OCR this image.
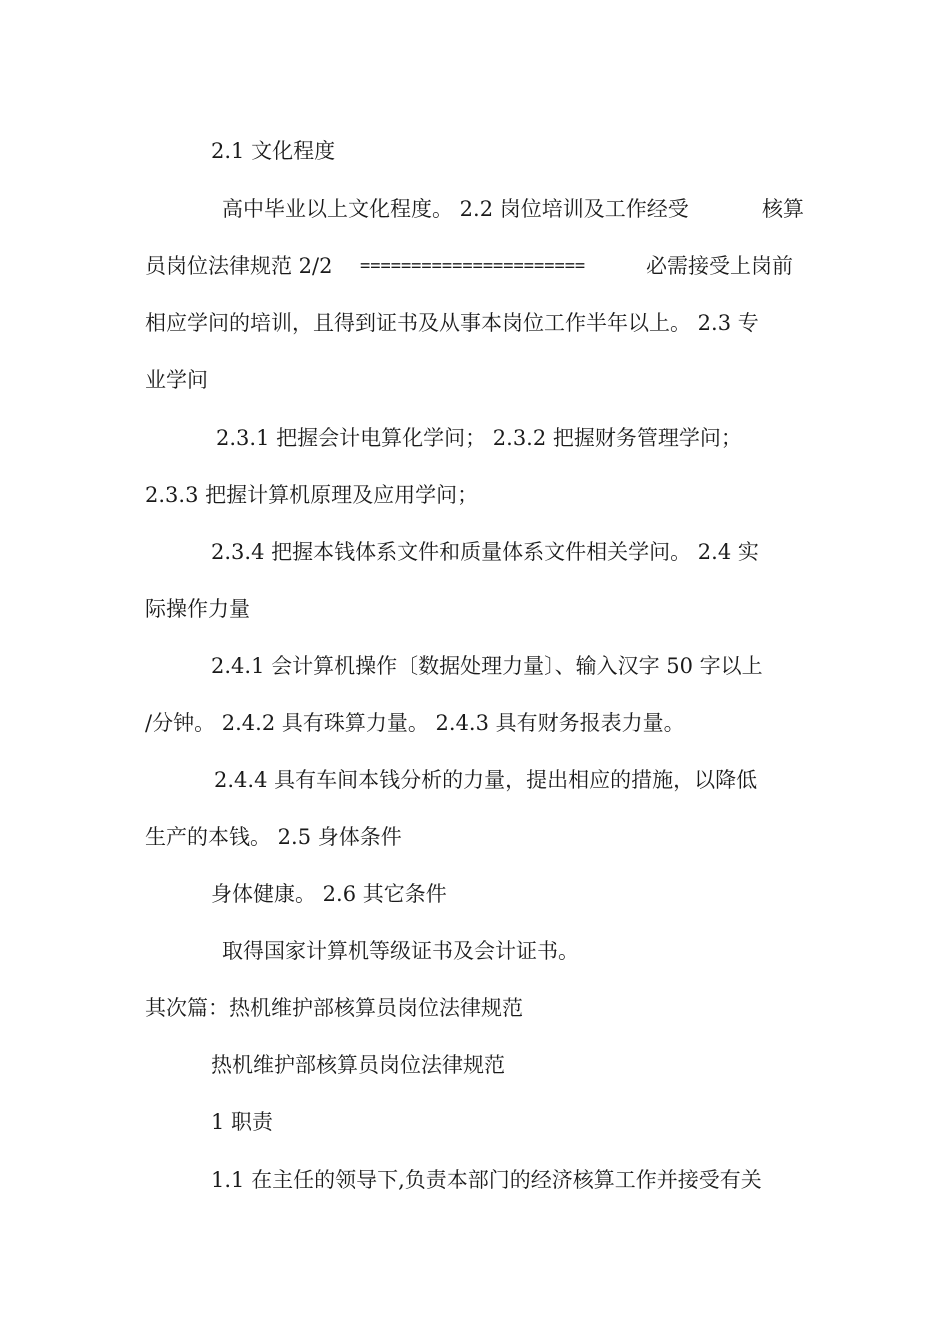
2.1 文化程度

高中毕业以上文化程度。 2.2 岗位培训及工作经受	核算

员岗位法律规范 2/2	======================	必需接受上岗前

相应学问的培训，且得到证书及从事本岗位工作半年以上。 2.3 专

业学问

2.3.1 把握会计电算化学问； 2.3.2 把握财务管理学问；

2.3.3 把握计算机原理及应用学问；

2.3.4 把握本钱体系文件和质量体系文件相关学问。 2.4 实

际操作力量

2.4.1 会计算机操作〔数据处理力量〕、输入汉字 50 字以上

/分钟。 2.4.2 具有珠算力量。 2.4.3 具有财务报表力量。

2.4.4 具有车间本钱分析的力量，提出相应的措施，以降低

生产的本钱。 2.5 身体条件

身体健康。 2.6 其它条件

取得国家计算机等级证书及会计证书。

其次篇：热机维护部核算员岗位法律规范

热机维护部核算员岗位法律规范

1 职责

1.1 在主任的领导下,负责本部门的经济核算工作并接受有关
